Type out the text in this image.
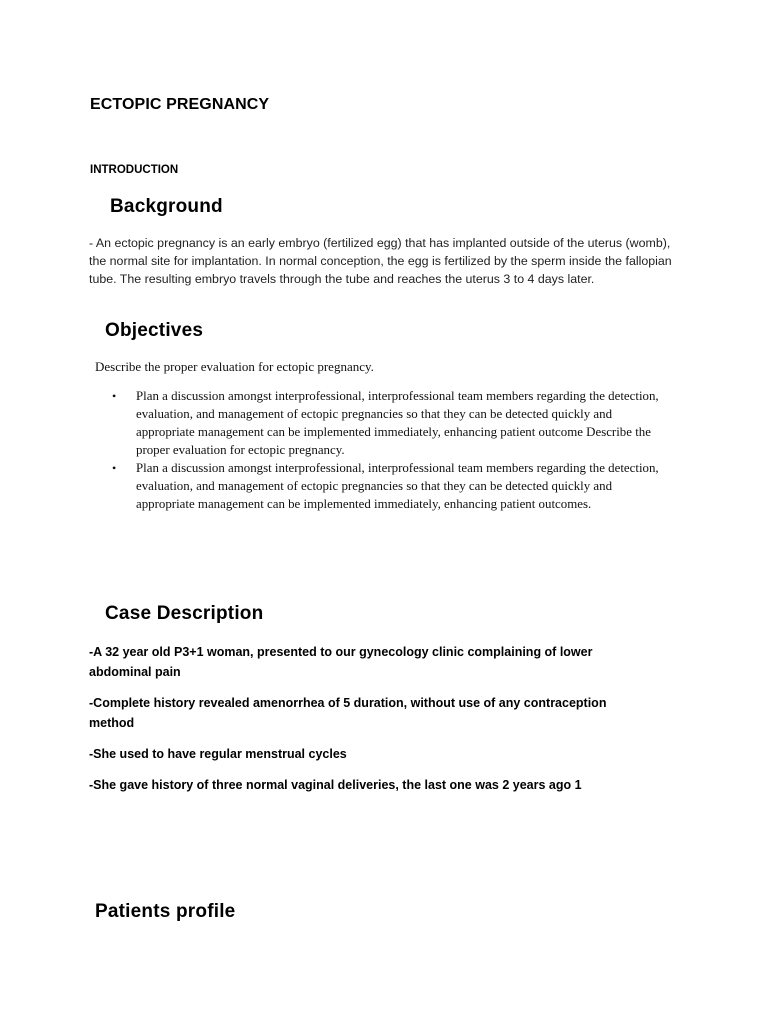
ECTOPIC PREGNANCY
INTRODUCTION
Background

- An ectopic pregnancy is an early embryo (fertilized egg) that has implanted outside of the uterus (womb), the normal site for implantation. In normal conception, the egg is fertilized by the sperm inside the fallopian tube. The resulting embryo travels through the tube and reaches the uterus 3 to 4 days later.

Objectives

Describe the proper evaluation for ectopic pregnancy.

• Plan a discussion amongst interprofessional, interprofessional team members regarding the detection, evaluation, and management of ectopic pregnancies so that they can be detected quickly and appropriate management can be implemented immediately, enhancing patient outcome Describe the proper evaluation for ectopic pregnancy.
• Plan a discussion amongst interprofessional, interprofessional team members regarding the detection, evaluation, and management of ectopic pregnancies so that they can be detected quickly and appropriate management can be implemented immediately, enhancing patient outcomes.
Case Description

-A 32 year old P3+1 woman, presented to our gynecology clinic complaining of lower abdominal pain

-Complete history revealed amenorrhea of 5 duration, without use of any contraception method

-She used to have regular menstrual cycles

-She gave history of three normal vaginal deliveries, the last one was 2 years ago 1

Patients profile
